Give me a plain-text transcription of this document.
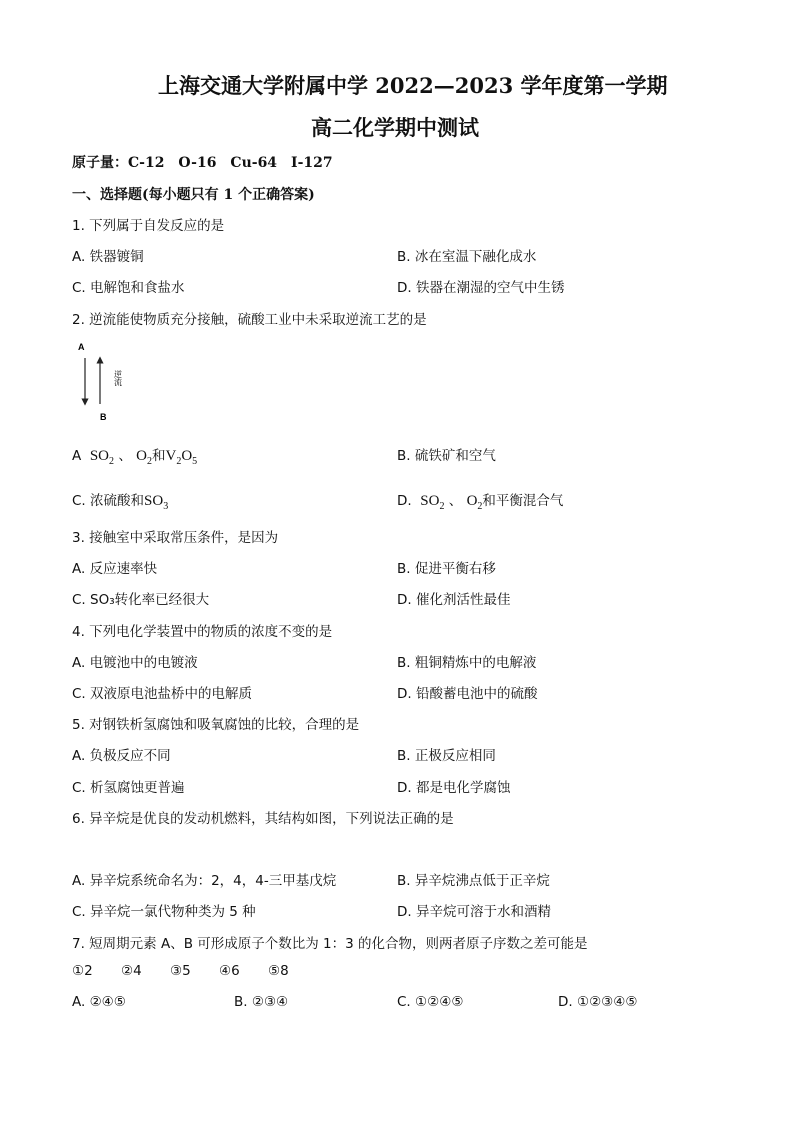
上海交通大学附属中学 2022—2023 学年度第一学期
高二化学期中测试
原子量：C-12　O-16　Cu-64　I-127
一、选择题(每小题只有 1 个正确答案)
1. 下列属于自发反应的是
A. 铁器镀铜	B. 冰在室温下融化成水
C. 电解饱和食盐水	D. 铁器在潮湿的空气中生锈
2. 逆流能使物质充分接触，硫酸工业中未采取逆流工艺的是
A
B
逆流
A $SO_2$ 、 $O_2$和$V_2O_5$	B. 硫铁矿和空气
C. 浓硫酸和$SO_3$	D. $SO_2$ 、 $O_2$和平衡混合气
3. 接触室中采取常压条件，是因为
A. 反应速率快	B. 促进平衡右移
C. SO₃转化率已经很大	D. 催化剂活性最佳
4. 下列电化学装置中的物质的浓度不变的是
A. 电镀池中的电镀液	B. 粗铜精炼中的电解液
C. 双液原电池盐桥中的电解质	D. 铅酸蓄电池中的硫酸
5. 对钢铁析氢腐蚀和吸氧腐蚀的比较，合理的是
A. 负极反应不同	B. 正极反应相同
C. 析氢腐蚀更普遍	D. 都是电化学腐蚀
6. 异辛烷是优良的发动机燃料，其结构如图，下列说法正确的是
A. 异辛烷系统命名为：2，4，4-三甲基戊烷	B. 异辛烷沸点低于正辛烷
C. 异辛烷一氯代物种类为 5 种	D. 异辛烷可溶于水和酒精
7. 短周期元素 A、B 可形成原子个数比为 1：3 的化合物，则两者原子序数之差可能是
①2 ②4 ③5 ④6 ⑤8
A. ②④⑤	B. ②③④	C. ①②④⑤	D. ①②③④⑤
